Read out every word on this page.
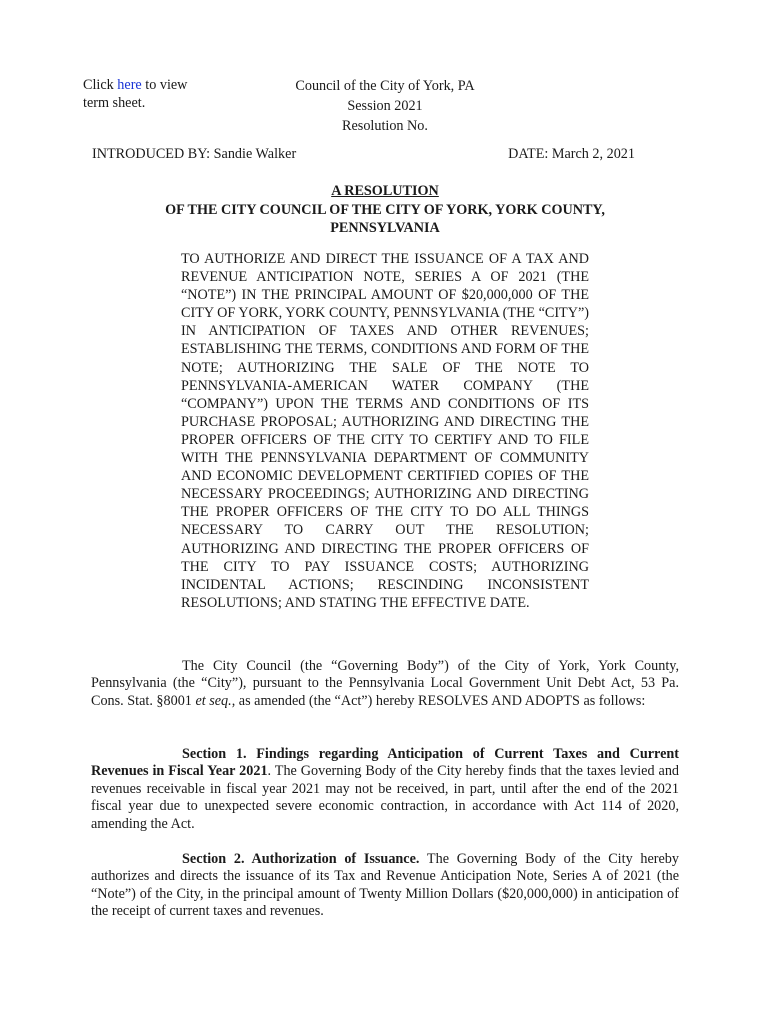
Click here to view
term sheet.
Council of the City of York, PA
Session 2021
Resolution No.
INTRODUCED BY: Sandie Walker	DATE: March 2, 2021
A RESOLUTION
OF THE CITY COUNCIL OF THE CITY OF YORK, YORK COUNTY,
PENNSYLVANIA
TO AUTHORIZE AND DIRECT THE ISSUANCE OF A TAX AND REVENUE ANTICIPATION NOTE, SERIES A OF 2021 (THE “NOTE”) IN THE PRINCIPAL AMOUNT OF $20,000,000 OF THE CITY OF YORK, YORK COUNTY, PENNSYLVANIA (THE “CITY”) IN ANTICIPATION OF TAXES AND OTHER REVENUES; ESTABLISHING THE TERMS, CONDITIONS AND FORM OF THE NOTE; AUTHORIZING THE SALE OF THE NOTE TO PENNSYLVANIA-AMERICAN WATER COMPANY (THE “COMPANY”) UPON THE TERMS AND CONDITIONS OF ITS PURCHASE PROPOSAL; AUTHORIZING AND DIRECTING THE PROPER OFFICERS OF THE CITY TO CERTIFY AND TO FILE WITH THE PENNSYLVANIA DEPARTMENT OF COMMUNITY AND ECONOMIC DEVELOPMENT CERTIFIED COPIES OF THE NECESSARY PROCEEDINGS; AUTHORIZING AND DIRECTING THE PROPER OFFICERS OF THE CITY TO DO ALL THINGS NECESSARY TO CARRY OUT THE RESOLUTION; AUTHORIZING AND DIRECTING THE PROPER OFFICERS OF THE CITY TO PAY ISSUANCE COSTS; AUTHORIZING INCIDENTAL ACTIONS; RESCINDING INCONSISTENT RESOLUTIONS; AND STATING THE EFFECTIVE DATE.
The City Council (the “Governing Body”) of the City of York, York County, Pennsylvania (the “City”), pursuant to the Pennsylvania Local Government Unit Debt Act, 53 Pa. Cons. Stat. §8001 et seq., as amended (the “Act”) hereby RESOLVES AND ADOPTS as follows:
Section 1. Findings regarding Anticipation of Current Taxes and Current Revenues in Fiscal Year 2021. The Governing Body of the City hereby finds that the taxes levied and revenues receivable in fiscal year 2021 may not be received, in part, until after the end of the 2021 fiscal year due to unexpected severe economic contraction, in accordance with Act 114 of 2020, amending the Act.
Section 2. Authorization of Issuance. The Governing Body of the City hereby authorizes and directs the issuance of its Tax and Revenue Anticipation Note, Series A of 2021 (the “Note”) of the City, in the principal amount of Twenty Million Dollars ($20,000,000) in anticipation of the receipt of current taxes and revenues.
